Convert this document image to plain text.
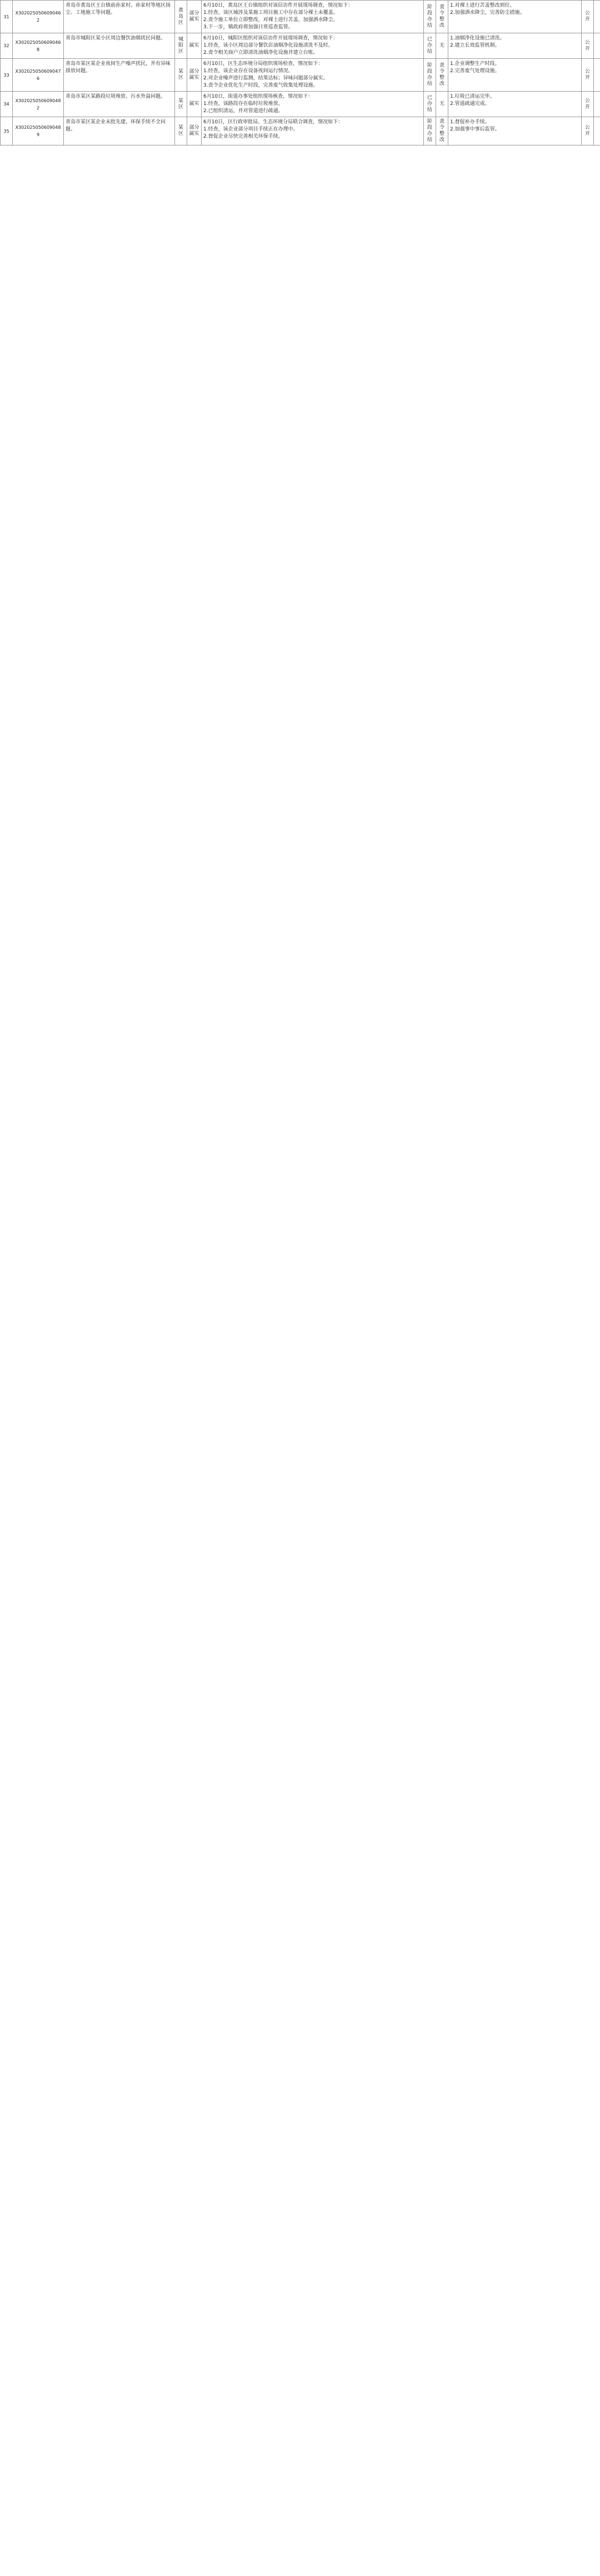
31	X3020250506090462	青岛市黄岛区王台镇前孙家村、孙家村等地区扬尘、工地施工等问题。	黄岛区	部分属实	6月10日，黄岛区王台镇组织对该信访件开展现场调查，情况如下：
1.经查，该区域涉及某施工项目施工中存在部分裸土未覆盖。
2.责令施工单位立即整改，对裸土进行苫盖，加强洒水降尘。
3.下一步，镇政府将加强日常巡查监管。	阶段办结	责令整改	1.对裸土进行苫盖整改到位。
2.加强洒水降尘，完善防尘措施。	公开	
32	X3020250506090468	青岛市城阳区某小区周边餐饮油烟扰民问题。	城阳区	属实	6月10日，城阳区组织对该信访件开展现场调查，情况如下：
1.经查，该小区周边部分餐饮店油烟净化设施清洗不及时。
2.责令相关商户立即清洗油烟净化设施并建立台账。	已办结	无	1.油烟净化设施已清洗。
2.建立长效监管机制。	公开	
33	X3020250506090476	青岛市某区某企业夜间生产噪声扰民，并有异味排放问题。	某区	部分属实	6月10日，区生态环境分局组织现场检查，情况如下：
1.经查，该企业存在设备夜间运行情况。
2.对企业噪声进行监测，结果达标；异味问题部分属实。
3.责令企业优化生产时段，完善废气收集处理设施。	阶段办结	责令整改	1.企业调整生产时段。
2.完善废气处理设施。	公开	
34	X3020250506090482	青岛市某区某路段垃圾堆放、污水外溢问题。	某区	属实	6月10日，街道办事处组织现场核查，情况如下：
1.经查，该路段存在临时垃圾堆放。
2.已组织清运，并对管道进行疏通。	已办结	无	1.垃圾已清运完毕。
2.管道疏通完成。	公开	
35	X3020250506090489	青岛市某区某企业未批先建、环保手续不全问题。	某区	部分属实	6月10日，区行政审批局、生态环境分局联合调查，情况如下：
1.经查，该企业部分项目手续正在办理中。
2.督促企业尽快完善相关环保手续。	阶段办结	责令整改	1.督促补办手续。
2.加强事中事后监管。	公开	
